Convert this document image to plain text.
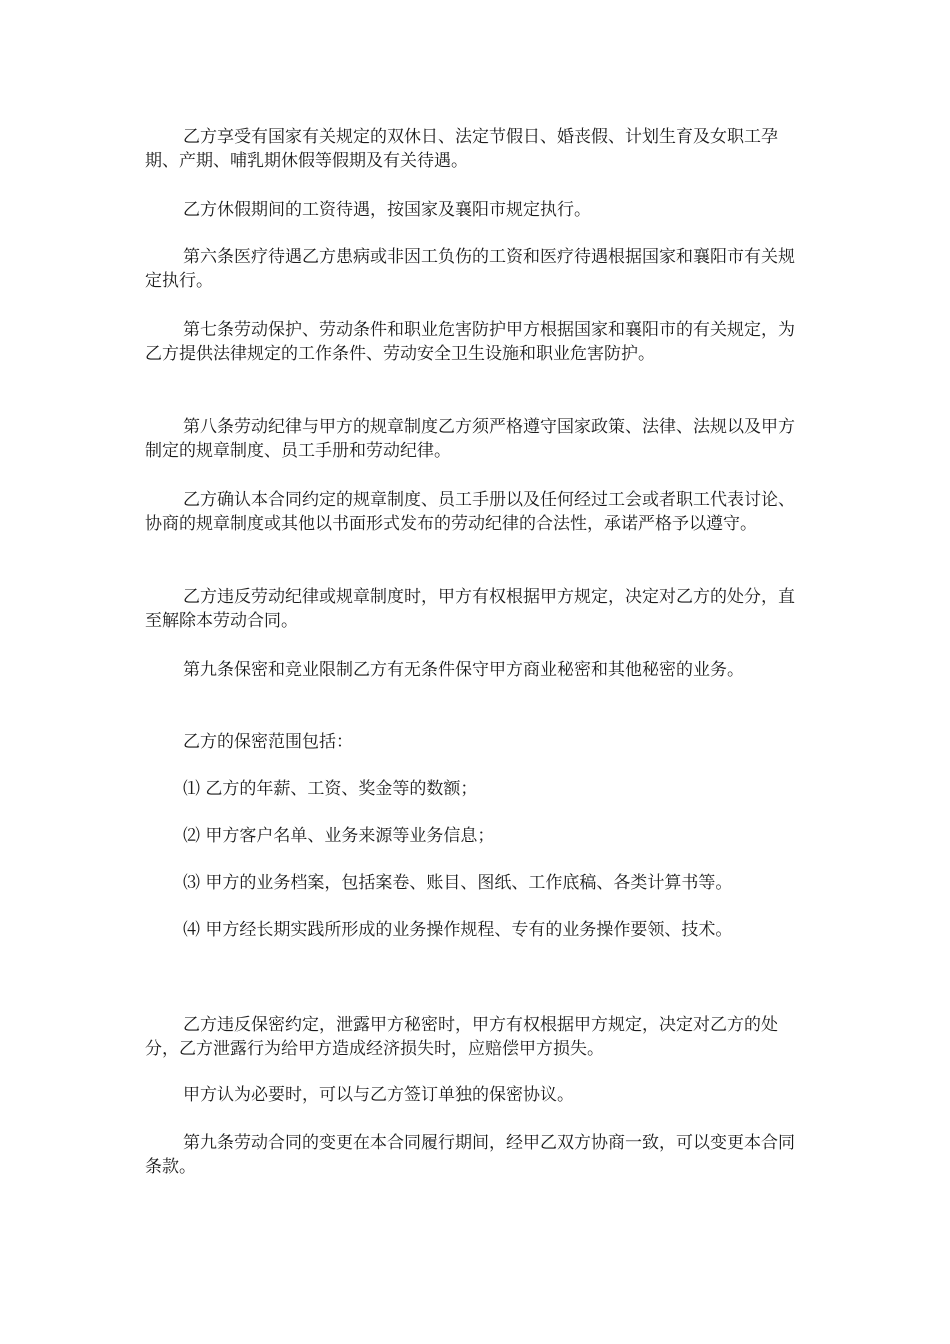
乙方享受有国家有关规定的双休日、法定节假日、婚丧假、计划生育及女职工孕期、产期、哺乳期休假等假期及有关待遇。

乙方休假期间的工资待遇，按国家及襄阳市规定执行。

第六条医疗待遇乙方患病或非因工负伤的工资和医疗待遇根据国家和襄阳市有关规定执行。

第七条劳动保护、劳动条件和职业危害防护甲方根据国家和襄阳市的有关规定，为乙方提供法律规定的工作条件、劳动安全卫生设施和职业危害防护。

第八条劳动纪律与甲方的规章制度乙方须严格遵守国家政策、法律、法规以及甲方制定的规章制度、员工手册和劳动纪律。

乙方确认本合同约定的规章制度、员工手册以及任何经过工会或者职工代表讨论、协商的规章制度或其他以书面形式发布的劳动纪律的合法性，承诺严格予以遵守。

乙方违反劳动纪律或规章制度时，甲方有权根据甲方规定，决定对乙方的处分，直至解除本劳动合同。

第九条保密和竞业限制乙方有无条件保守甲方商业秘密和其他秘密的业务。

乙方的保密范围包括：

⑴ 乙方的年薪、工资、奖金等的数额；

⑵ 甲方客户名单、业务来源等业务信息；

⑶ 甲方的业务档案，包括案卷、账目、图纸、工作底稿、各类计算书等。

⑷ 甲方经长期实践所形成的业务操作规程、专有的业务操作要领、技术。

乙方违反保密约定，泄露甲方秘密时，甲方有权根据甲方规定，决定对乙方的处分，乙方泄露行为给甲方造成经济损失时，应赔偿甲方损失。

甲方认为必要时，可以与乙方签订单独的保密协议。

第九条劳动合同的变更在本合同履行期间，经甲乙双方协商一致，可以变更本合同条款。
